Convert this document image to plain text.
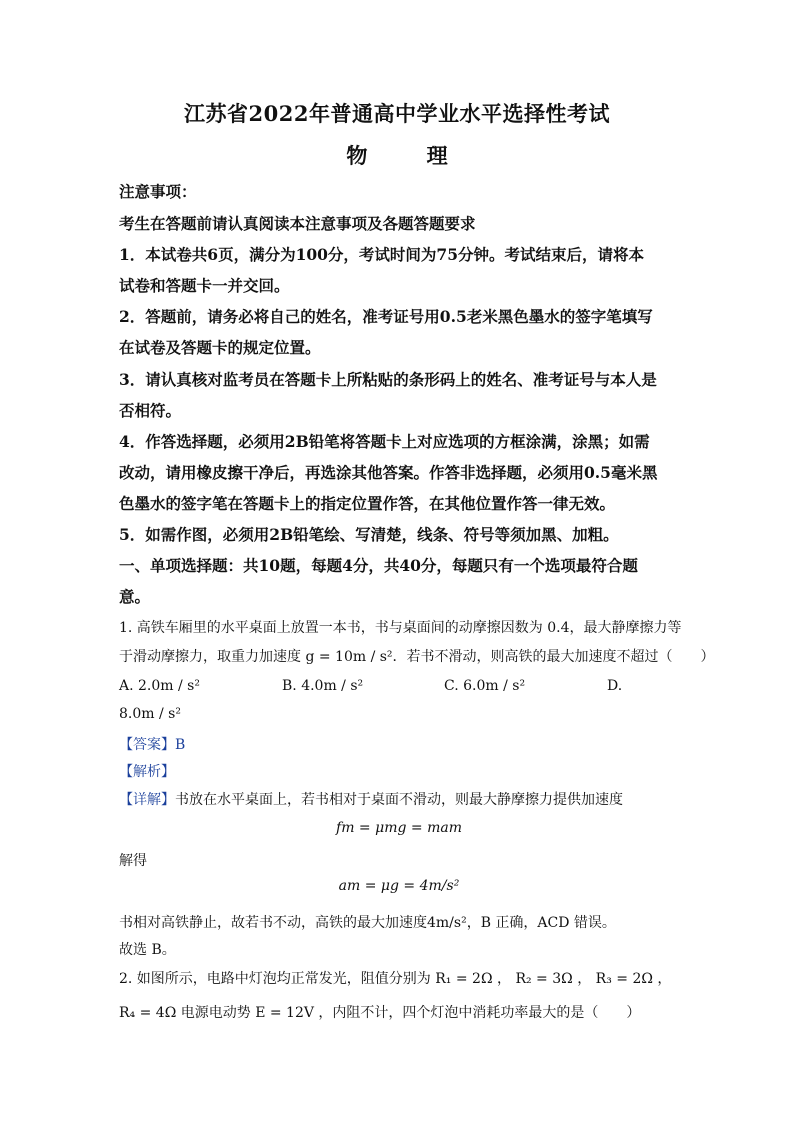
江苏省2022年普通高中学业水平选择性考试
物 理
注意事项：
考生在答题前请认真阅读本注意事项及各题答题要求
1．本试卷共6页，满分为100分，考试时间为75分钟。考试结束后，请将本
试卷和答题卡一并交回。
2．答题前，请务必将自己的姓名，准考证号用0.5老米黑色墨水的签字笔填写
在试卷及答题卡的规定位置。
3．请认真核对监考员在答题卡上所粘贴的条形码上的姓名、准考证号与本人是
否相符。
4．作答选择题，必须用2B铅笔将答题卡上对应选项的方框涂满，涂黑；如需
改动，请用橡皮擦干净后，再选涂其他答案。作答非选择题，必须用0.5毫米黑
色墨水的签字笔在答题卡上的指定位置作答，在其他位置作答一律无效。
5．如需作图，必须用2B铅笔绘、写清楚，线条、符号等须加黑、加粗。
一、单项选择题：共10题，每题4分，共40分，每题只有一个选项最符合题
意。
1. 高铁车厢里的水平桌面上放置一本书，书与桌面间的动摩擦因数为 0.4，最大静摩擦力等
于滑动摩擦力，取重力加速度 g = 10m / s²．若书不滑动，则高铁的最大加速度不超过（　　）
A. 2.0m / s²	B. 4.0m / s²	C. 6.0m / s²	D.
8.0m / s²
【答案】B
【解析】
【详解】书放在水平桌面上，若书相对于桌面不滑动，则最大静摩擦力提供加速度
fm = μmg = mam
解得
am = μg = 4m/s²
书相对高铁静止，故若书不动，高铁的最大加速度4m/s²，B 正确，ACD 错误。
故选 B。
2. 如图所示，电路中灯泡均正常发光，阻值分别为 R₁ = 2Ω ， R₂ = 3Ω ， R₃ = 2Ω ，
R₄ = 4Ω 电源电动势 E = 12V ，内阻不计，四个灯泡中消耗功率最大的是（　　）
